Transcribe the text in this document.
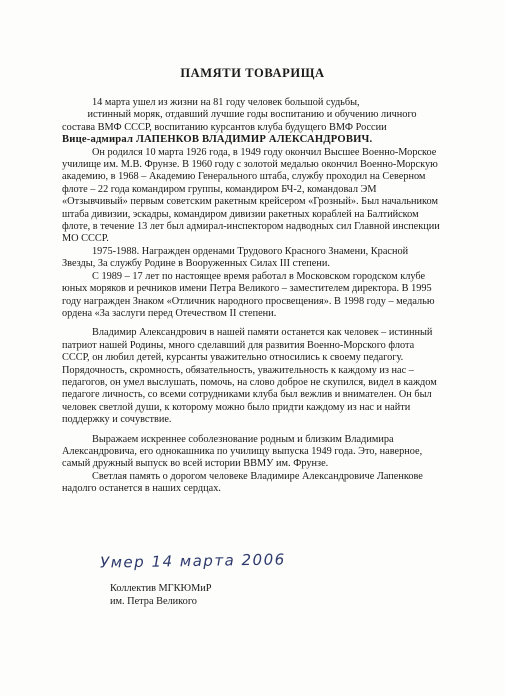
ПАМЯТИ ТОВАРИЩА

14 марта ушел из жизни на 81 году человек большой судьбы,

истинный моряк, отдавший лучшие годы воспитанию и обучению личного

состава ВМФ СССР, воспитанию курсантов клуба будущего ВМФ России

Вице-адмирал ЛАПЕНКОВ ВЛАДИМИР АЛЕКСАНДРОВИЧ.

Он родился 10 марта 1926 года, в 1949 году окончил Высшее Военно-Морское училище им. М.В. Фрунзе. В 1960 году с золотой медалью окончил Военно-Морскую академию, в 1968 – Академию Генерального штаба, службу проходил на Северном флоте – 22 года командиром группы, командиром БЧ-2, командовал ЭМ «Отзывчивый» первым советским ракетным крейсером «Грозный». Был начальником штаба дивизии, эскадры, командиром дивизии ракетных кораблей на Балтийском флоте, в течение 13 лет был адмирал-инспектором надводных сил Главной инспекции МО СССР.

1975-1988. Награжден орденами Трудового Красного Знамени, Красной Звезды, За службу Родине в Вооруженных Силах III степени.

С 1989 – 17 лет по настоящее время работал в Московском городском клубе юных моряков и речников имени Петра Великого – заместителем директора. В 1995 году награжден Знаком «Отличник народного просвещения». В 1998 году – медалью ордена «За заслуги перед Отечеством II степени.

Владимир Александрович в нашей памяти останется как человек – истинный патриот нашей Родины, много сделавший для развития Военно-Морского флота СССР, он любил детей, курсанты уважительно относились к своему педагогу. Порядочность, скромность, обязательность, уважительность к каждому из нас – педагогов, он умел выслушать, помочь, на слово доброе не скупился, видел в каждом педагоге личность, со всеми сотрудниками клуба был вежлив и внимателен. Он был человек светлой души, к которому можно было придти каждому из нас и найти поддержку и сочувствие.

Выражаем искреннее соболезнование родным и близким Владимира Александровича, его однокашника по училищу выпуска 1949 года. Это, наверное, самый дружный выпуск во всей истории ВВМУ им. Фрунзе.

Светлая память о дорогом человеке Владимире Александровиче Лапенкове надолго останется в наших сердцах.

Умер 14 марта 2006
Коллектив МГКЮМиР
им. Петра Великого
